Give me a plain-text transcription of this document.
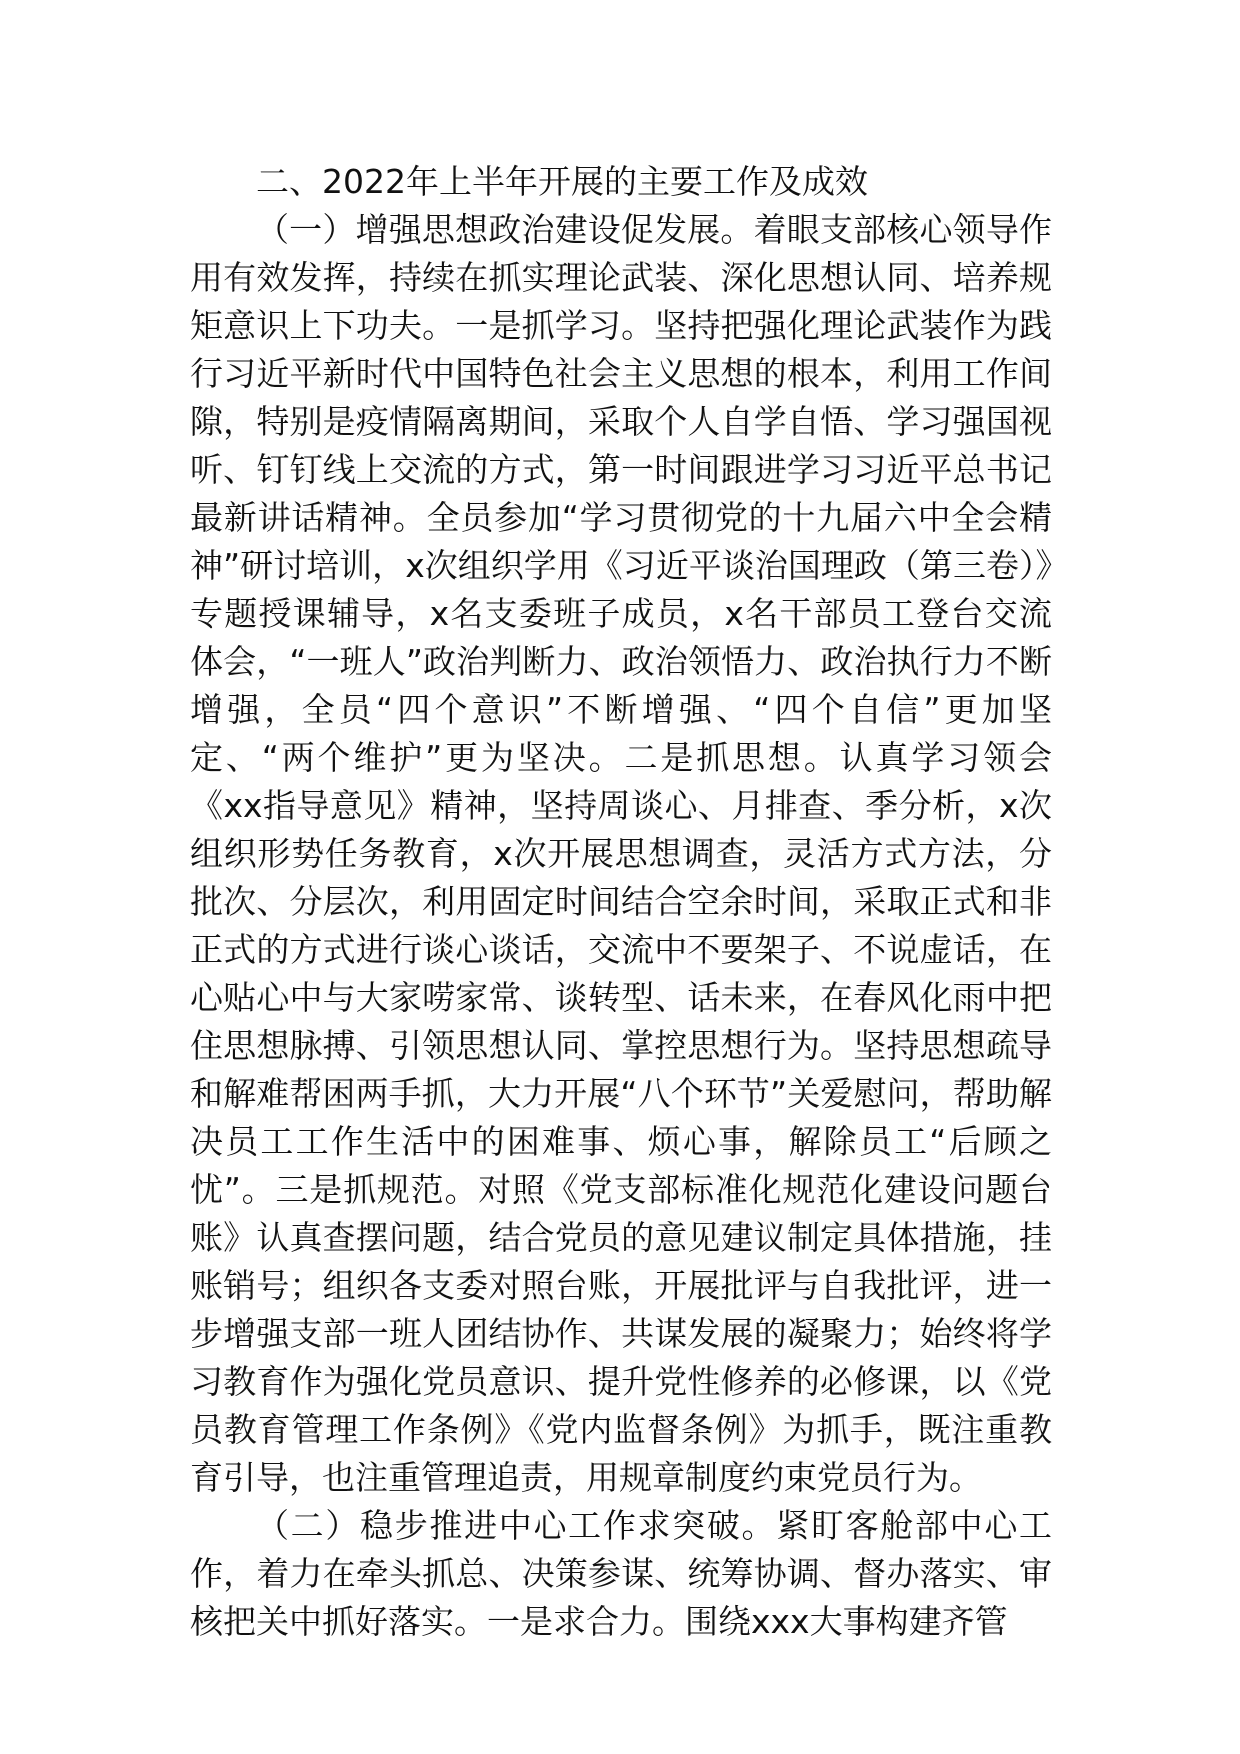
二、2022年上半年开展的主要工作及成效

（一）增强思想政治建设促发展。着眼支部核心领导作用有效发挥，持续在抓实理论武装、深化思想认同、培养规矩意识上下功夫。一是抓学习。坚持把强化理论武装作为践行习近平新时代中国特色社会主义思想的根本，利用工作间隙，特别是疫情隔离期间，采取个人自学自悟、学习强国视听、钉钉线上交流的方式，第一时间跟进学习习近平总书记最新讲话精神。全员参加“学习贯彻党的十九届六中全会精神”研讨培训，x次组织学用《习近平谈治国理政（第三卷）》专题授课辅导，x名支委班子成员，x名干部员工登台交流体会，“一班人”政治判断力、政治领悟力、政治执行力不断增强，全员“四个意识”不断增强、“四个自信”更加坚定、“两个维护”更为坚决。二是抓思想。认真学习领会《xx指导意见》精神，坚持周谈心、月排查、季分析，x次组织形势任务教育，x次开展思想调查，灵活方式方法，分批次、分层次，利用固定时间结合空余时间，采取正式和非正式的方式进行谈心谈话，交流中不要架子、不说虚话，在心贴心中与大家唠家常、谈转型、话未来，在春风化雨中把住思想脉搏、引领思想认同、掌控思想行为。坚持思想疏导和解难帮困两手抓，大力开展“八个环节”关爱慰问，帮助解决员工工作生活中的困难事、烦心事，解除员工“后顾之忧”。三是抓规范。对照《党支部标准化规范化建设问题台账》认真查摆问题，结合党员的意见建议制定具体措施，挂账销号；组织各支委对照台账，开展批评与自我批评，进一步增强支部一班人团结协作、共谋发展的凝聚力；始终将学习教育作为强化党员意识、提升党性修养的必修课，以《党员教育管理工作条例》《党内监督条例》为抓手，既注重教育引导，也注重管理追责，用规章制度约束党员行为。

（二）稳步推进中心工作求突破。紧盯客舱部中心工作，着力在牵头抓总、决策参谋、统筹协调、督办落实、审核把关中抓好落实。一是求合力。围绕xxx大事构建齐管
